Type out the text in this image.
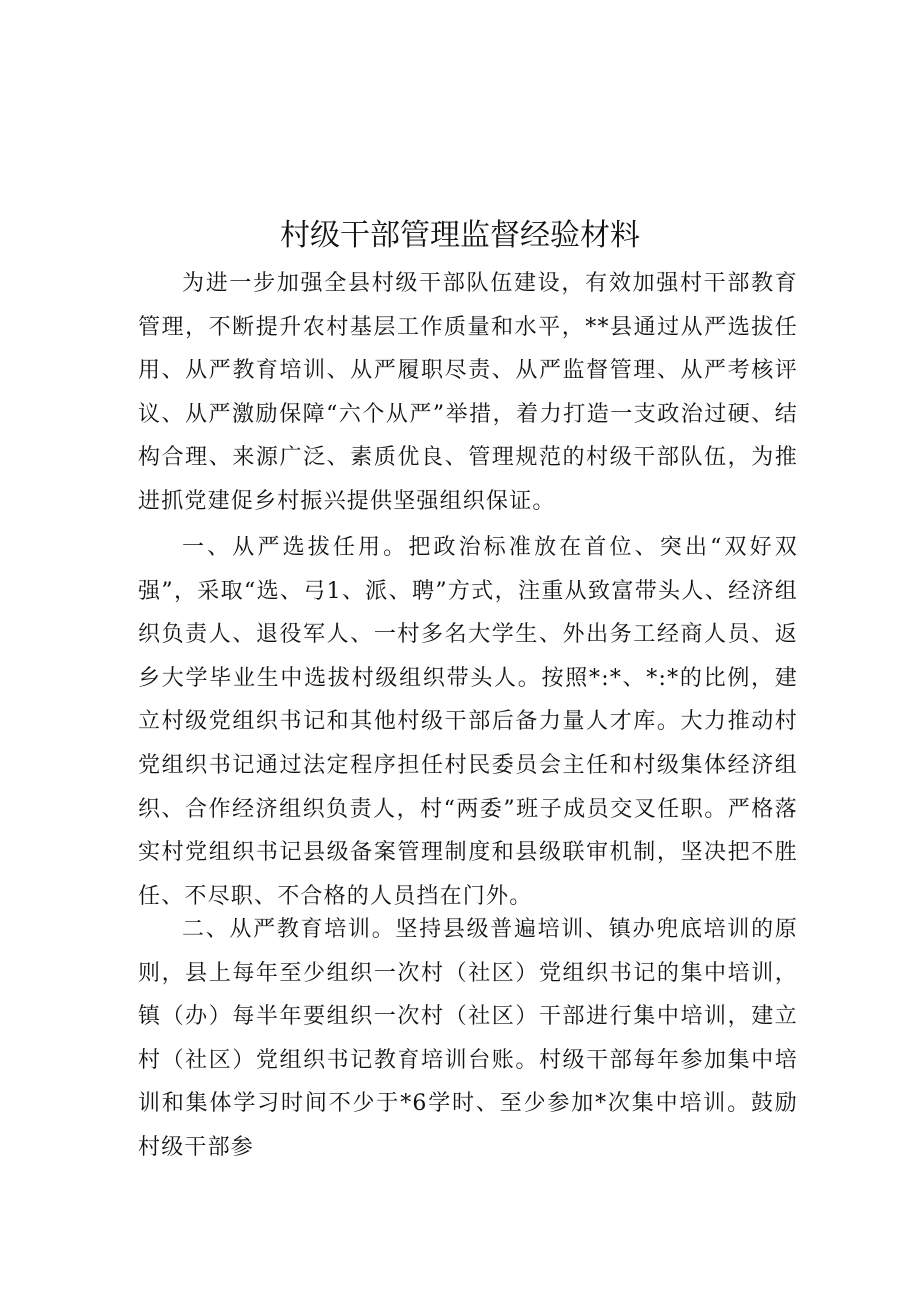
村级干部管理监督经验材料

为进一步加强全县村级干部队伍建设，有效加强村干部教育管理，不断提升农村基层工作质量和水平，**县通过从严选拔任用、从严教育培训、从严履职尽责、从严监督管理、从严考核评议、从严激励保障“六个从严”举措，着力打造一支政治过硬、结构合理、来源广泛、素质优良、管理规范的村级干部队伍，为推进抓党建促乡村振兴提供坚强组织保证。

一、从严选拔任用。把政治标准放在首位、突出“双好双强”，采取“选、弓1、派、聘”方式，注重从致富带头人、经济组织负责人、退役军人、一村多名大学生、外出务工经商人员、返乡大学毕业生中选拔村级组织带头人。按照*:*、*:*的比例，建立村级党组织书记和其他村级干部后备力量人才库。大力推动村党组织书记通过法定程序担任村民委员会主任和村级集体经济组织、合作经济组织负责人，村“两委”班子成员交叉任职。严格落实村党组织书记县级备案管理制度和县级联审机制，坚决把不胜任、不尽职、不合格的人员挡在门外。

二、从严教育培训。坚持县级普遍培训、镇办兜底培训的原则，县上每年至少组织一次村（社区）党组织书记的集中培训，镇（办）每半年要组织一次村（社区）干部进行集中培训，建立村（社区）党组织书记教育培训台账。村级干部每年参加集中培训和集体学习时间不少于*6学时、至少参加*次集中培训。鼓励村级干部参
